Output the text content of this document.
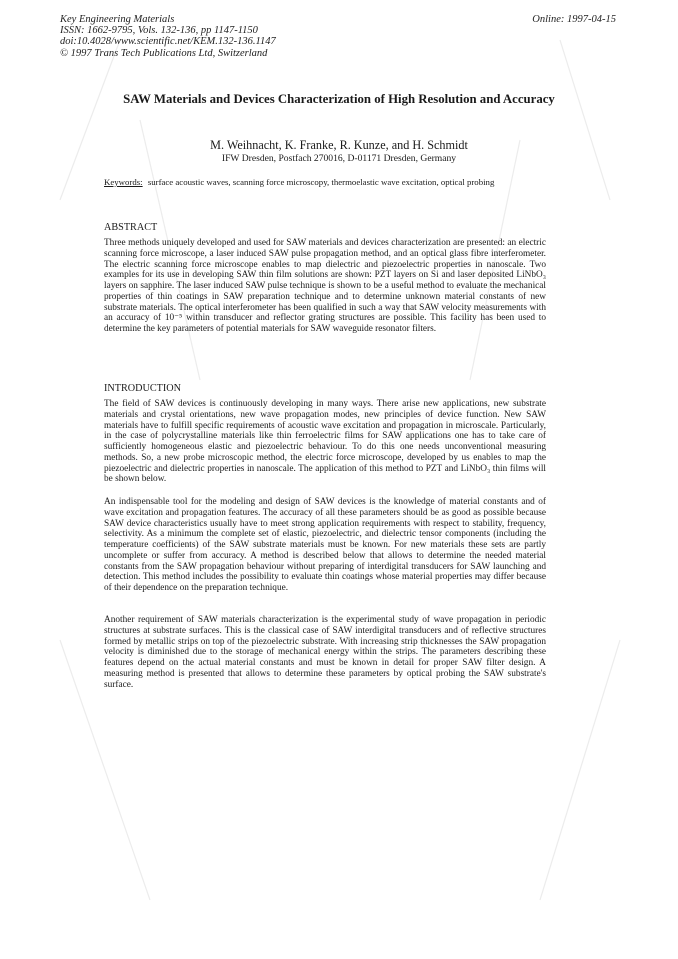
Key Engineering Materials
ISSN: 1662-9795, Vols. 132-136, pp 1147-1150
doi:10.4028/www.scientific.net/KEM.132-136.1147
© 1997 Trans Tech Publications Ltd, Switzerland
Online: 1997-04-15
SAW Materials and Devices Characterization of High Resolution and Accuracy
M. Weihnacht, K. Franke, R. Kunze, and H. Schmidt
IFW Dresden, Postfach 270016, D-01171 Dresden, Germany
Keywords: surface acoustic waves, scanning force microscopy, thermoelastic wave excitation, optical probing
ABSTRACT

Three methods uniquely developed and used for SAW materials and devices characterization are presented: an electric scanning force microscope, a laser induced SAW pulse propagation method, and an optical glass fibre interferometer. The electric scanning force microscope enables to map dielectric and piezoelectric properties in nanoscale. Two examples for its use in developing SAW thin film solutions are shown: PZT layers on Si and laser deposited LiNbO₃ layers on sapphire. The laser induced SAW pulse technique is shown to be a useful method to evaluate the mechanical properties of thin coatings in SAW preparation technique and to determine unknown material constants of new substrate materials. The optical interferometer has been qualified in such a way that SAW velocity measurements with an accuracy of 10⁻⁵ within transducer and reflector grating structures are possible. This facility has been used to determine the key parameters of potential materials for SAW waveguide resonator filters.

INTRODUCTION

The field of SAW devices is continuously developing in many ways. There arise new applications, new substrate materials and crystal orientations, new wave propagation modes, new principles of device function. New SAW materials have to fulfill specific requirements of acoustic wave excitation and propagation in microscale. Particularly, in the case of polycrystalline materials like thin ferroelectric films for SAW applications one has to take care of sufficiently homogeneous elastic and piezoelectric behaviour. To do this one needs unconventional measuring methods. So, a new probe microscopic method, the electric force microscope, developed by us enables to map the piezoelectric and dielectric properties in nanoscale. The application of this method to PZT and LiNbO₃ thin films will be shown below.

An indispensable tool for the modeling and design of SAW devices is the knowledge of material constants and of wave excitation and propagation features. The accuracy of all these parameters should be as good as possible because SAW device characteristics usually have to meet strong application requirements with respect to stability, frequency, selectivity. As a minimum the complete set of elastic, piezoelectric, and dielectric tensor components (including the temperature coefficients) of the SAW substrate materials must be known. For new materials these sets are partly uncomplete or suffer from accuracy. A method is described below that allows to determine the needed material constants from the SAW propagation behaviour without preparing of interdigital transducers for SAW launching and detection. This method includes the possibility to evaluate thin coatings whose material properties may differ because of their dependence on the preparation technique.

Another requirement of SAW materials characterization is the experimental study of wave propagation in periodic structures at substrate surfaces. This is the classical case of SAW interdigital transducers and of reflective structures formed by metallic strips on top of the piezoelectric substrate. With increasing strip thicknesses the SAW propagation velocity is diminished due to the storage of mechanical energy within the strips. The parameters describing these features depend on the actual material constants and must be known in detail for proper SAW filter design. A measuring method is presented that allows to determine these parameters by optical probing the SAW substrate's surface.
